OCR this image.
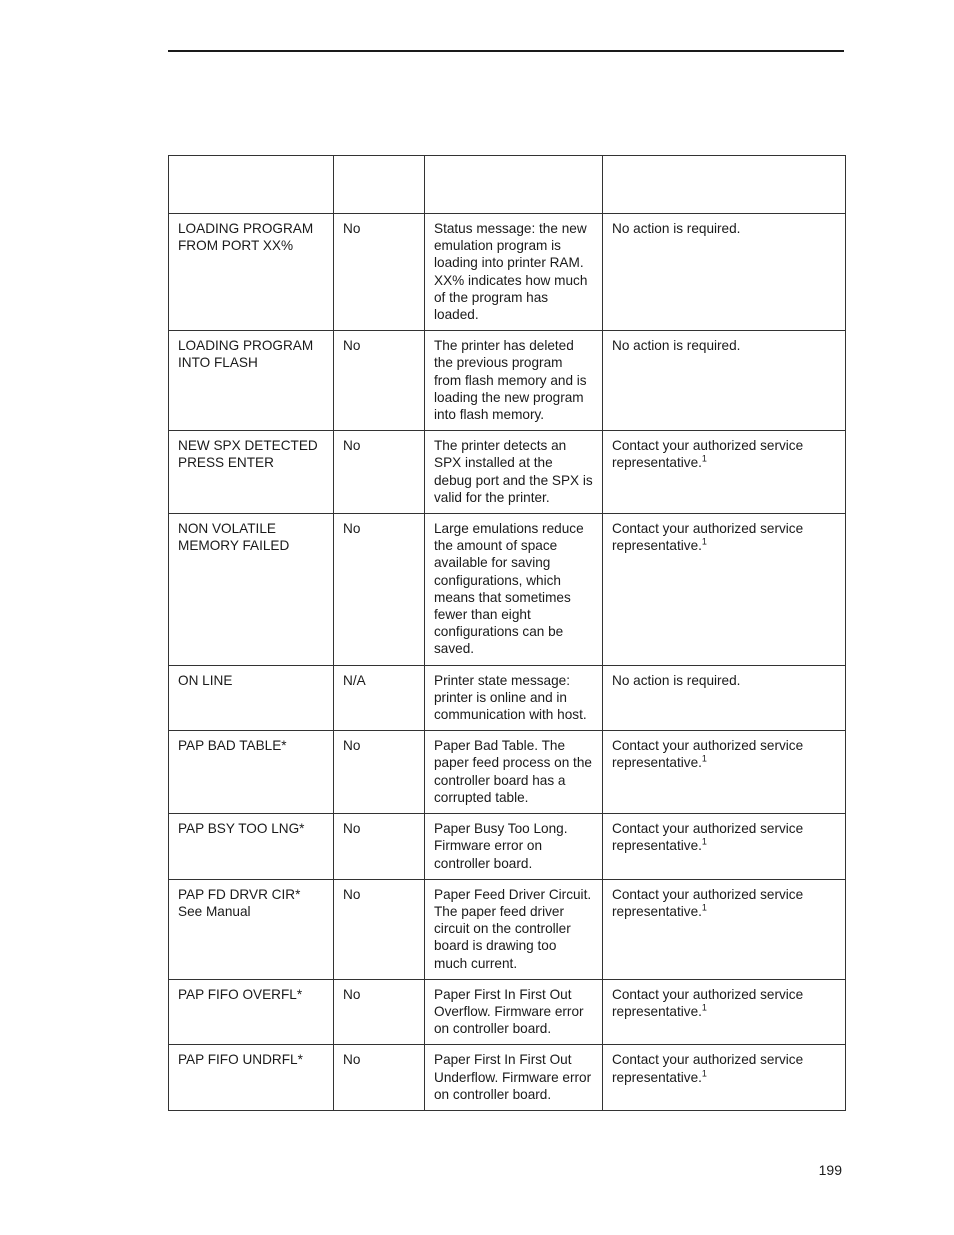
LOADING PROGRAM FROM PORT XX%	No	Status message: the new emulation program is loading into printer RAM. XX% indicates how much of the program has loaded.	No action is required.
LOADING PROGRAM INTO FLASH	No	The printer has deleted the previous program from flash memory and is loading the new program into flash memory.	No action is required.
NEW SPX DETECTED PRESS ENTER	No	The printer detects an SPX installed at the debug port and the SPX is valid for the printer.	Contact your authorized service representative.$^1$
NON VOLATILE MEMORY FAILED	No	Large emulations reduce the amount of space available for saving configurations, which means that sometimes fewer than eight configurations can be saved.	Contact your authorized service representative.$^1$
ON LINE	N/A	Printer state message: printer is online and in communication with host.	No action is required.
PAP BAD TABLE*	No	Paper Bad Table. The paper feed process on the controller board has a corrupted table.	Contact your authorized service representative.$^1$
PAP BSY TOO LNG*	No	Paper Busy Too Long. Firmware error on controller board.	Contact your authorized service representative.$^1$
PAP FD DRVR CIR* See Manual	No	Paper Feed Driver Circuit. The paper feed driver circuit on the controller board is drawing too much current.	Contact your authorized service representative.$^1$
PAP FIFO OVERFL*	No	Paper First In First Out Overflow. Firmware error on controller board.	Contact your authorized service representative.$^1$
PAP FIFO UNDRFL*	No	Paper First In First Out Underflow. Firmware error on controller board.	Contact your authorized service representative.$^1$
199
